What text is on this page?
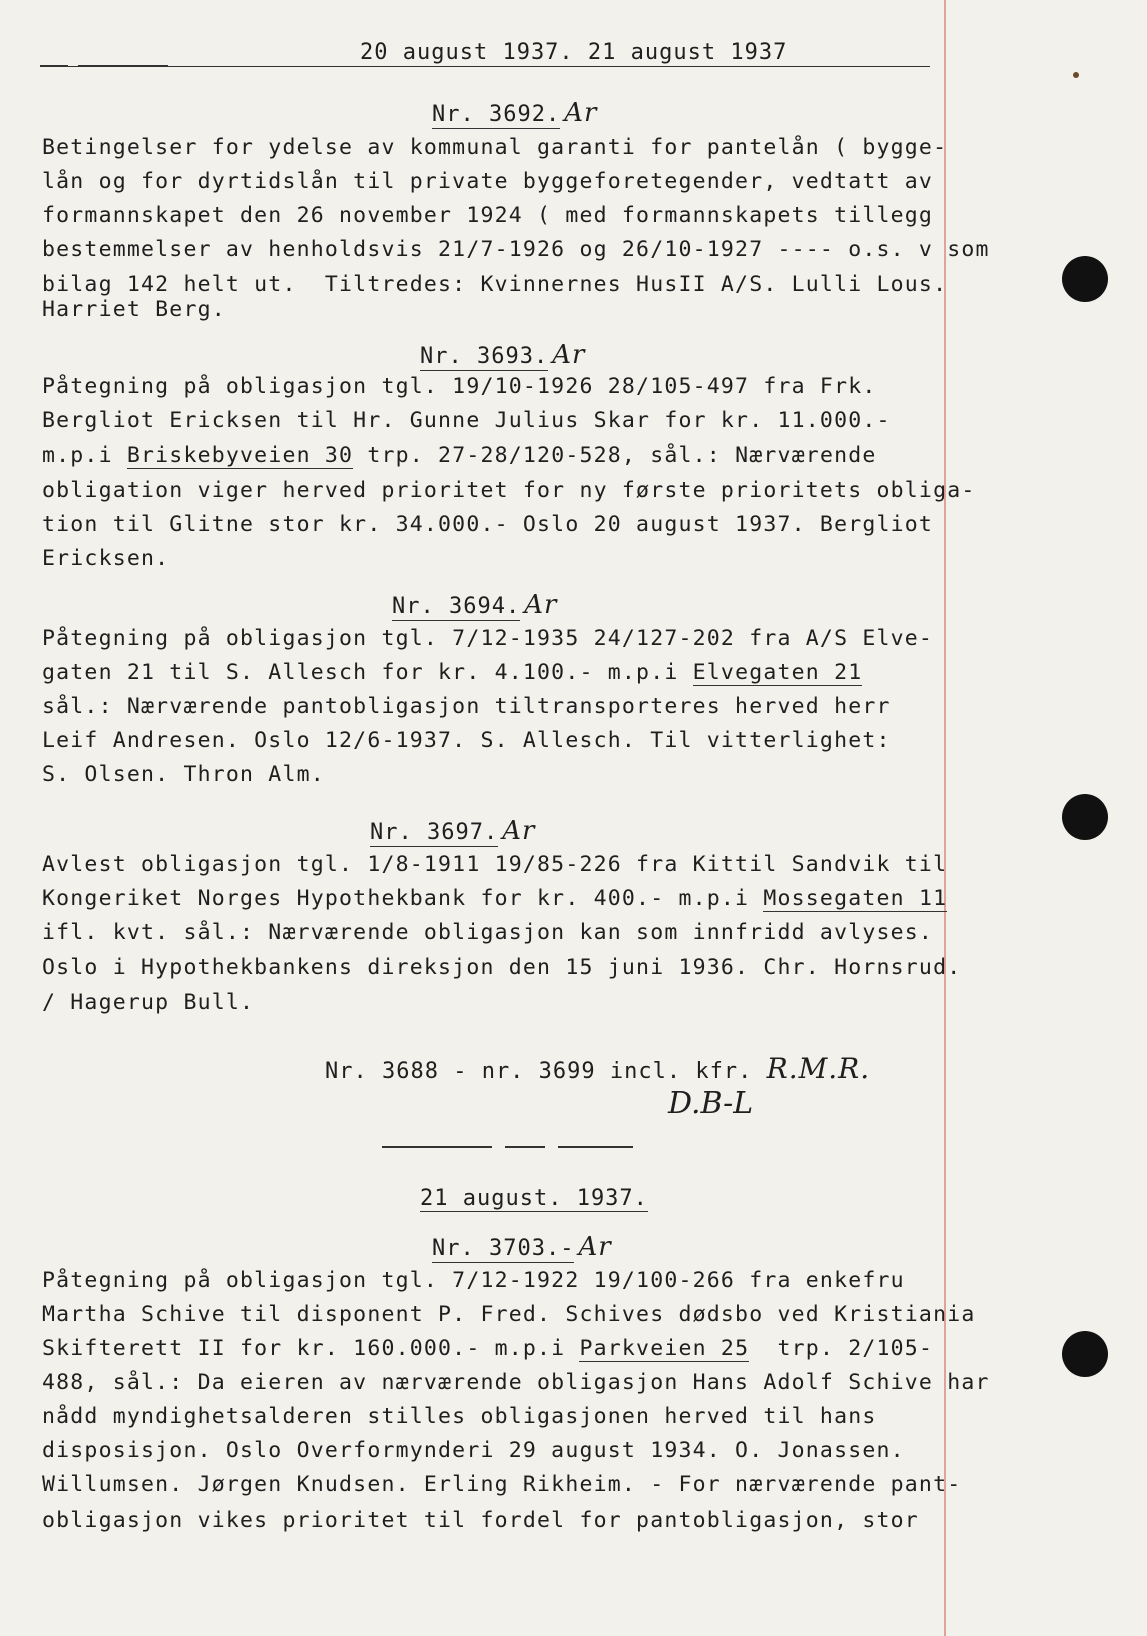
20 august 1937. 21 august 1937
Nr. 3692. Ar
Betingelser for ydelse av kommunal garanti for pantelån ( bygge-
lån og for dyrtidslån til private byggeforetegender, vedtatt av
formannskapet den 26 november 1924 ( med formannskapets tillegg
bestemmelser av henholdsvis 21/7-1926 og 26/10-1927 ---- o.s. v som
bilag 142 helt ut.  Tiltredes: Kvinnernes HusII A/S. Lulli Lous.
Harriet Berg.
Nr. 3693. Ar
Påtegning på obligasjon tgl. 19/10-1926 28/105-497 fra Frk.
Bergliot Ericksen til Hr. Gunne Julius Skar for kr. 11.000.-
m.p.i Briskebyveien 30 trp. 27-28/120-528, sål.: Nærværende
obligation viger herved prioritet for ny første prioritets obliga-
tion til Glitne stor kr. 34.000.- Oslo 20 august 1937. Bergliot
Ericksen.
Nr. 3694. Ar
Påtegning på obligasjon tgl. 7/12-1935 24/127-202 fra A/S Elve-
gaten 21 til S. Allesch for kr. 4.100.- m.p.i Elvegaten 21
sål.: Nærværende pantobligasjon tiltransporteres herved herr
Leif Andresen. Oslo 12/6-1937. S. Allesch. Til vitterlighet:
S. Olsen. Thron Alm.
Nr. 3697. Ar
Avlest obligasjon tgl. 1/8-1911 19/85-226 fra Kittil Sandvik til
Kongeriket Norges Hypothekbank for kr. 400.- m.p.i Mossegaten 11
ifl. kvt. sål.: Nærværende obligasjon kan som innfridd avlyses.
Oslo i Hypothekbankens direksjon den 15 juni 1936. Chr. Hornsrud.
/ Hagerup Bull.
Nr. 3688 - nr. 3699 incl. kfr. R.M.R.
D.B-L
21 august. 1937.
Nr. 3703.- Ar
Påtegning på obligasjon tgl. 7/12-1922 19/100-266 fra enkefru
Martha Schive til disponent P. Fred. Schives dødsbo ved Kristiania
Skifterett II for kr. 160.000.- m.p.i Parkveien 25  trp. 2/105-
488, sål.: Da eieren av nærværende obligasjon Hans Adolf Schive har
nådd myndighetsalderen stilles obligasjonen herved til hans
disposisjon. Oslo Overformynderi 29 august 1934. O. Jonassen.
Willumsen. Jørgen Knudsen. Erling Rikheim. - For nærværende pant-
obligasjon vikes prioritet til fordel for pantobligasjon, stor
